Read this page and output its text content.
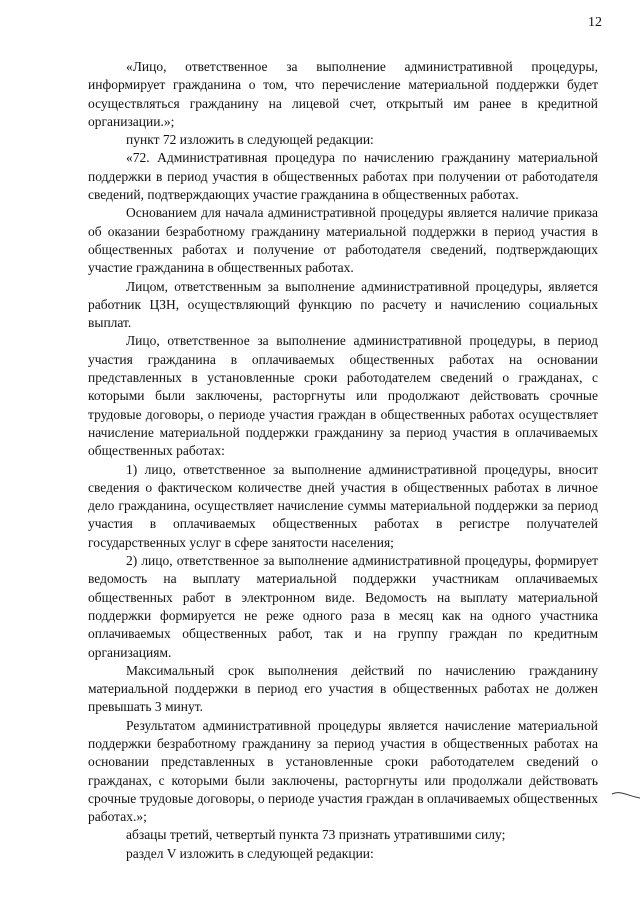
12

«Лицо, ответственное за выполнение административной процедуры, информирует гражданина о том, что перечисление материальной поддержки будет осуществляться гражданину на лицевой счет, открытый им ранее в кредитной организации.»;

пункт 72 изложить в следующей редакции:

«72. Административная процедура по начислению гражданину материальной поддержки в период участия в общественных работах при получении от работодателя сведений, подтверждающих участие гражданина в общественных работах.

Основанием для начала административной процедуры является наличие приказа об оказании безработному гражданину материальной поддержки в период участия в общественных работах и получение от работодателя сведений, подтверждающих участие гражданина в общественных работах.

Лицом, ответственным за выполнение административной процедуры, является работник ЦЗН, осуществляющий функцию по расчету и начислению социальных выплат.

Лицо, ответственное за выполнение административной процедуры, в период участия гражданина в оплачиваемых общественных работах на основании представленных в установленные сроки работодателем сведений о гражданах, с которыми были заключены, расторгнуты или продолжают действовать срочные трудовые договоры, о периоде участия граждан в общественных работах осуществляет начисление материальной поддержки гражданину за период участия в оплачиваемых общественных работах:

1) лицо, ответственное за выполнение административной процедуры, вносит сведения о фактическом количестве дней участия в общественных работах в личное дело гражданина, осуществляет начисление суммы материальной поддержки за период участия в оплачиваемых общественных работах в регистре получателей государственных услуг в сфере занятости населения;

2) лицо, ответственное за выполнение административной процедуры, формирует ведомость на выплату материальной поддержки участникам оплачиваемых общественных работ в электронном виде. Ведомость на выплату материальной поддержки формируется не реже одного раза в месяц как на одного участника оплачиваемых общественных работ, так и на группу граждан по кредитным организациям.

Максимальный срок выполнения действий по начислению гражданину материальной поддержки в период его участия в общественных работах не должен превышать 3 минут.

Результатом административной процедуры является начисление материальной поддержки безработному гражданину за период участия в общественных работах на основании представленных в установленные сроки работодателем сведений о гражданах, с которыми были заключены, расторгнуты или продолжали действовать срочные трудовые договоры, о периоде участия граждан в оплачиваемых общественных работах.»;

абзацы третий, четвертый пункта 73 признать утратившими силу;

раздел V изложить в следующей редакции:
